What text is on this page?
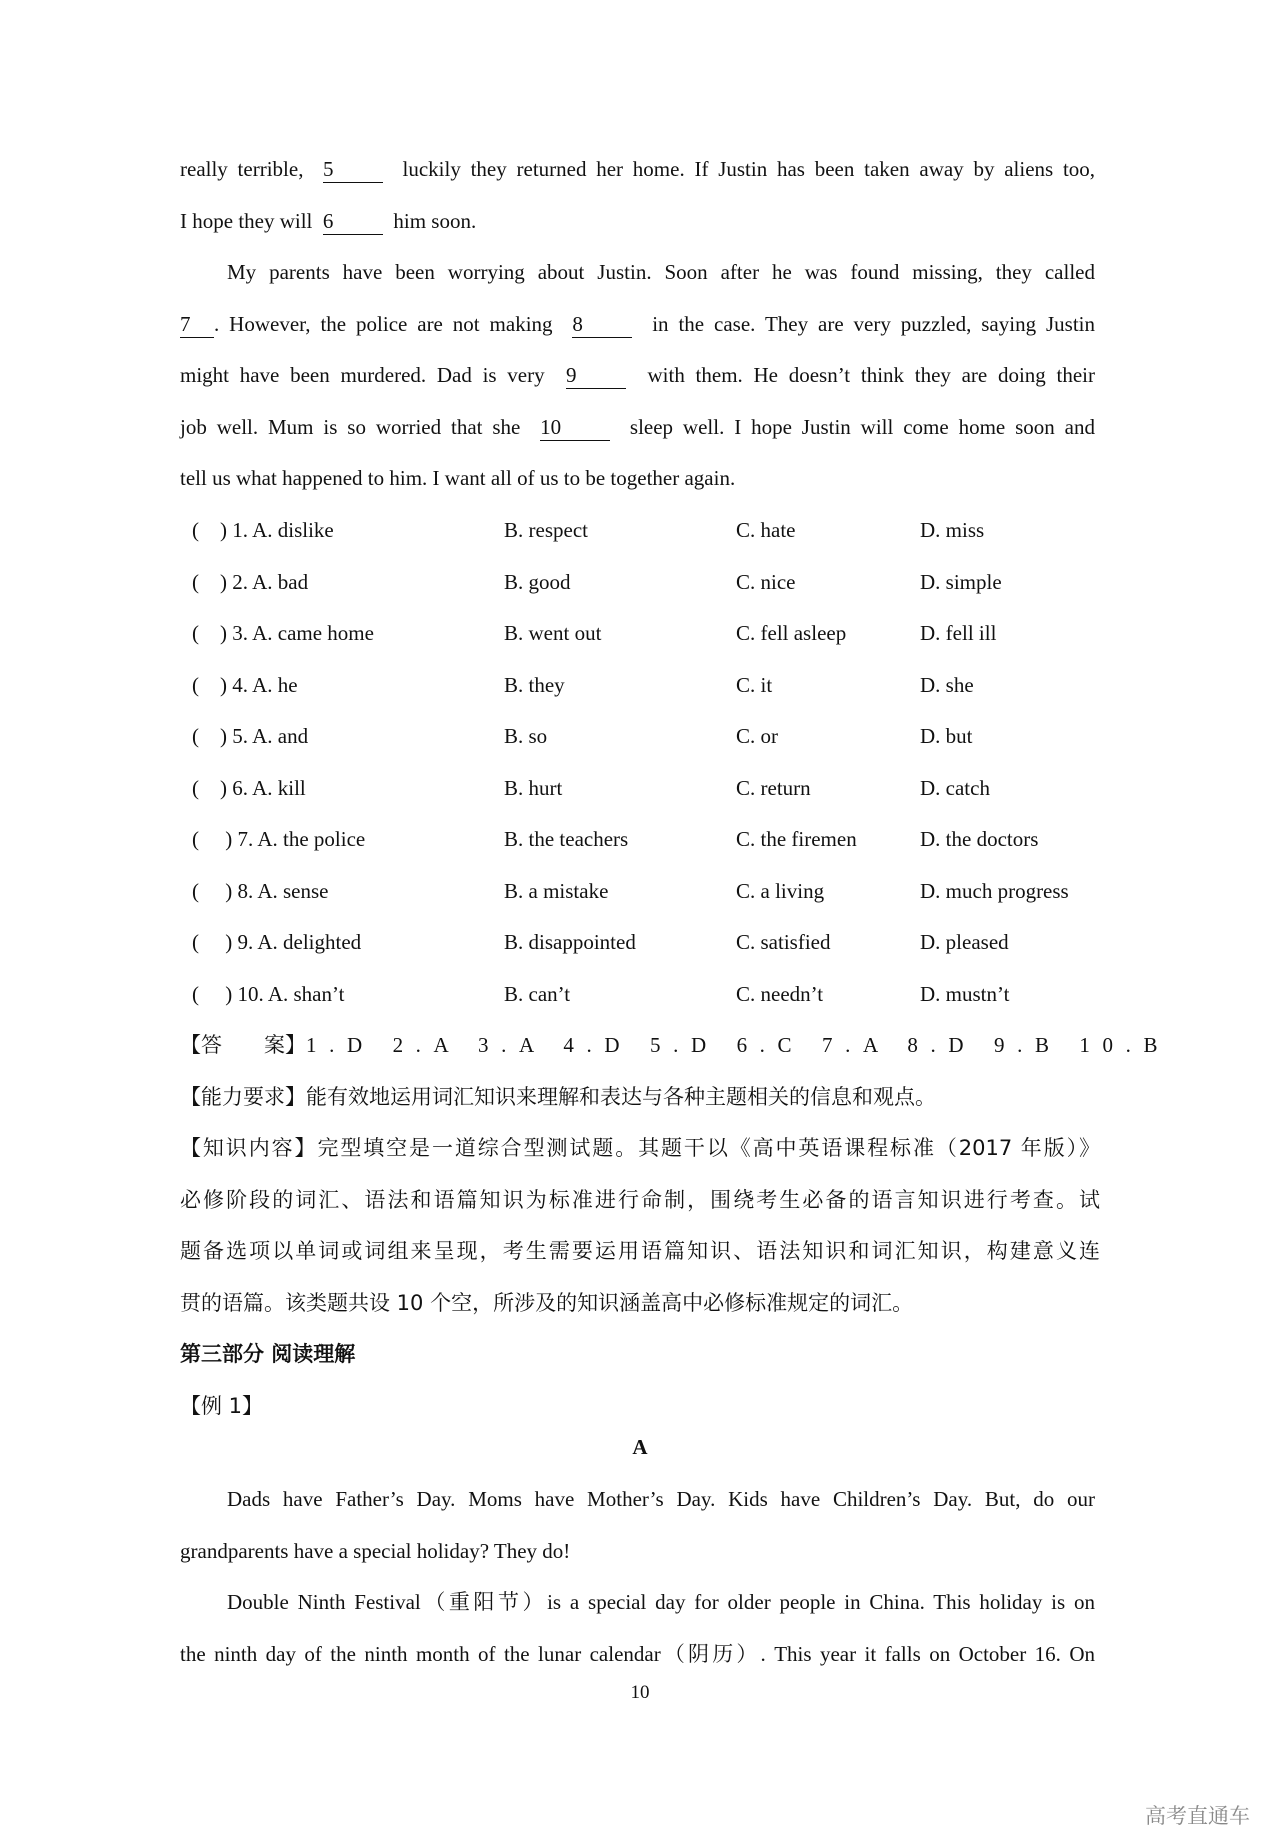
really terrible, 5	luckily they returned her home. If Justin has been taken away by aliens too,
I hope they will 6	him soon.
My parents have been worrying about Justin. Soon after he was found missing, they called
7 . However, the police are not making 8	in the case. They are very puzzled, saying Justin
might have been murdered. Dad is very 9	with them. He doesn’t think they are doing their
job well. Mum is so worried that she 10	sleep well. I hope Justin will come home soon and
tell us what happened to him. I want all of us to be together again.
(    ) 1. A. dislike	B. respect	C. hate	D. miss
(    ) 2. A. bad	B. good	C. nice	D. simple
(    ) 3. A. came home	B. went out	C. fell asleep	D. fell ill
(    ) 4. A. he	B. they	C. it	D. she
(    ) 5. A. and	B. so	C. or	D. but
(    ) 6. A. kill	B. hurt	C. return	D. catch
(     ) 7. A. the police	B. the teachers	C. the firemen	D. the doctors
(     ) 8. A. sense	B. a mistake	C. a living	D. much progress
(     ) 9. A. delighted	B. disappointed	C. satisfied	D. pleased
(     ) 10. A. shan’t	B. can’t	C. needn’t	D. mustn’t
【答　　案】1.D 2.A 3.A 4.D 5.D 6.C 7.A 8.D 9.B 10.B
【能力要求】能有效地运用词汇知识来理解和表达与各种主题相关的信息和观点。
【知识内容】完型填空是一道综合型测试题。其题干以《高中英语课程标准（2017 年版）》
必修阶段的词汇、语法和语篇知识为标准进行命制，围绕考生必备的语言知识进行考查。试
题备选项以单词或词组来呈现，考生需要运用语篇知识、语法知识和词汇知识，构建意义连
贯的语篇。该类题共设 10 个空，所涉及的知识涵盖高中必修标准规定的词汇。
第三部分 阅读理解
【例 1】
A
Dads have Father’s Day. Moms have Mother’s Day. Kids have Children’s Day. But, do our
grandparents have a special holiday? They do!
Double Ninth Festival（重阳节）is a special day for older people in China. This holiday is on
the ninth day of the ninth month of the lunar calendar（阴历）. This year it falls on October 16. On
10
高考直通车
